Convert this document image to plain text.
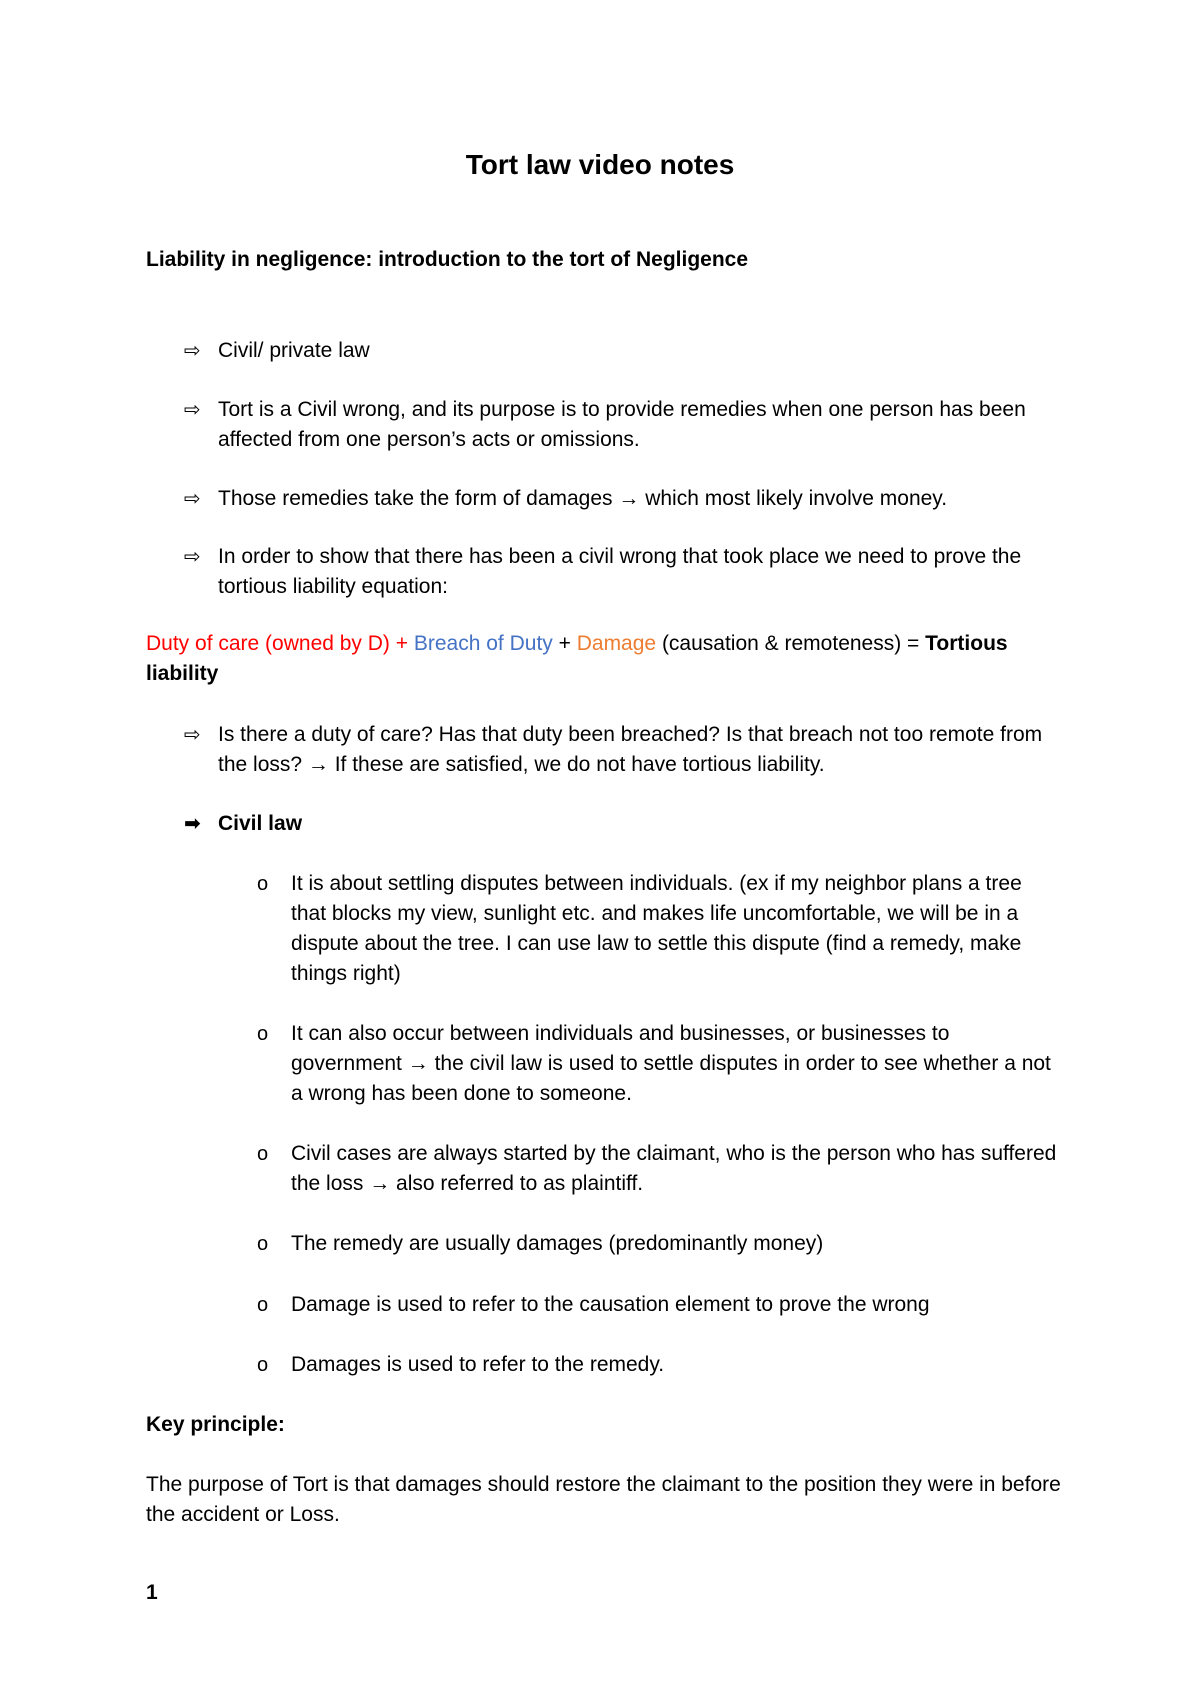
Tort law video notes
Liability in negligence: introduction to the tort of Negligence
⇨ Civil/ private law
⇨ Tort is a Civil wrong, and its purpose is to provide remedies when one person has been affected from one person’s acts or omissions.
⇨ Those remedies take the form of damages → which most likely involve money.
⇨ In order to show that there has been a civil wrong that took place we need to prove the tortious liability equation:
Duty of care (owned by D) + Breach of Duty + Damage (causation & remoteness) = Tortious liability
⇨ Is there a duty of care? Has that duty been breached? Is that breach not too remote from the loss? → If these are satisfied, we do not have tortious liability.
➡ Civil law
o It is about settling disputes between individuals. (ex if my neighbor plans a tree that blocks my view, sunlight etc. and makes life uncomfortable, we will be in a dispute about the tree. I can use law to settle this dispute (find a remedy, make things right)
o It can also occur between individuals and businesses, or businesses to government → the civil law is used to settle disputes in order to see whether a not a wrong has been done to someone.
o Civil cases are always started by the claimant, who is the person who has suffered the loss → also referred to as plaintiff.
o The remedy are usually damages (predominantly money)
o Damage is used to refer to the causation element to prove the wrong
o Damages is used to refer to the remedy.
Key principle:
The purpose of Tort is that damages should restore the claimant to the position they were in before the accident or Loss.
1
